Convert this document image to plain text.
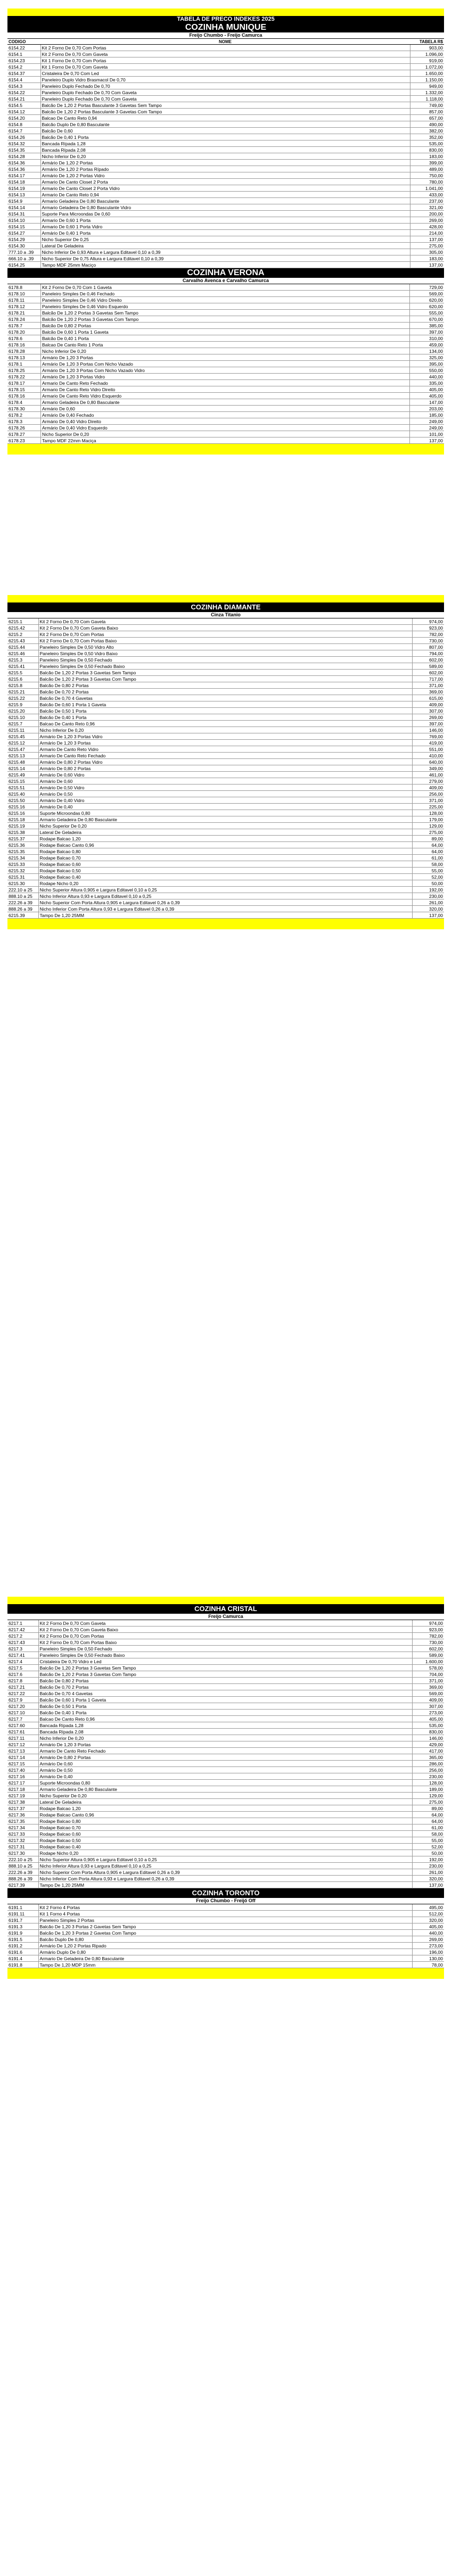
TABELA DE PRECO INDEKES 2025
COZINHA MUNIQUE
Freijo Chumbo - Freijo Camurca
CODIGO	NOME	TABELA R$
6154.22	Kit 2 Forno De 0,70 Com Portas	903,00
6154.1	Kit 2 Forno De 0,70 Com Gaveta	1.096,00
6154.23	Kit 1 Forno De 0,70 Com Portas	919,00
6154.2	Kit 1 Forno De 0,70 Com Gaveta	1.072,00
6154.37	Cristaleira De 0,70 Com Led	1.650,00
6154.4	Paneleiro Duplo Vidro Brasmacol De 0,70	1.150,00
6154.3	Paneleiro Duplo Fechado De 0,70	949,00
6154.22	Paneleiro Duplo Fechado De 0,70 Com Gaveta	1.332,00
6154.21	Paneleiro Duplo Fechado De 0,70 Com Gaveta	1.118,00
6154.5	Balcão De 1,20 2 Portas Basculante 3 Gavetas Sem Tampo	749,00
6154.12	Balcão De 1,20 2 Portas Basculante 3 Gavetas Com Tampo	857,00
6154.20	Balcao De Canto Reto 0,94	657,00
6154.8	Balcão Duplo De 0,80 Basculante	490,00
6154.7	Balcão De 0,60	382,00
6154.26	Balcão De 0,40 1 Porta	352,00
6154.32	Bancada Rípada 1,28	535,00
6154.35	Bancada Rípada 2,08	830,00
6154.28	Nicho Inferior De 0,20	183,00
6154.36	Armário De 1,20 2 Portas	399,00
6154.36	Armário De 1,20 2 Portas Rípado	489,00
6154.17	Armário De 1,20 2 Portas Vidro	750,00
6154.18	Armario De Canto Closet 2 Porta	780,00
6154.19	Armario De Canto Closet 2 Porta Vidro	1.041,00
6154.13	Armario De Canto Reto 0,94	433,00
6154.9	Armario Geladeira De 0,80 Basculante	237,00
6154.14	Armario Geladeira De 0,80 Basculante Vidro	321,00
6154.31	Suporte Para Microondas De 0,60	200,00
6154.10	Armario De 0,60 1 Porta	269,00
6154.15	Armario De 0,60 1 Porta Vidro	428,00
6154.27	Armário De 0,40 1 Porta	214,00
6154.29	Nicho Superior De 0,25	137,00
6154.30	Lateral De Geladeira	275,00
777.10 a .39	Nicho Inferior De 0,93 Altura e Largura Editavel 0,10 a 0,39	305,00
666.10 a .39	Nicho Superior De 0,75 Altura e Largura Editavel 0,10 a 0,39	183,00
6154.25	Tampo MDF 25mm Maciço	137,00
COZINHA VERONA
Carvalho Avenca e Carvalho Camurca
6178.8	Kit 2 Forno De 0,70 Com 1 Gaveta	729,00
6178.10	Paneleiro Simples De 0,46 Fechado	569,00
6178.11	Paneleiro Simples De 0,46 Vidro Direito	620,00
6178.12	Paneleiro Simples De 0,46 Vidro Esquerdo	620,00
6178.21	Balcão De 1,20 2 Portas 3 Gavetas Sem Tampo	555,00
6178.24	Balcão De 1,20 2 Portas 3 Gavetas Com Tampo	670,00
6178.7	Balcão De 0,80 2 Portas	385,00
6178.20	Balcão De 0,60 1 Porta 1 Gaveta	397,00
6178.6	Balcão De 0,40 1 Porta	310,00
6178.16	Balcao De Canto Reto 1 Porta	459,00
6178.28	Nicho Inferior De 0,20	134,00
6178.13	Armário De 1,20 3 Portas	325,00
6178.1	Armário De 1,20 3 Portas Com Nicho Vazado	395,00
6178.25	Armário De 1,20 3 Portas Com Nicho Vazado Vidro	550,00
6178.22	Armário De 1,20 3 Portas Vidro	440,00
6178.17	Armario De Canto Reto Fechado	335,00
6178.15	Armario De Canto Reto Vidro Direito	405,00
6178.16	Armario De Canto Reto Vidro Esquerdo	405,00
6178.4	Armario Geladeira De 0,80 Basculante	147,00
6178.30	Armário De 0,60	203,00
6178.2	Armário De 0,40 Fechado	185,00
6178.3	Armário De 0,40 Vidro Direito	249,00
6178.26	Armário De 0,40 Vidro Esquerdo	249,00
6178.27	Nicho Superior De 0,20	101,00
6178.23	Tampo MDF 22mm Maciça	137,00
COZINHA DIAMANTE
Cinza Titanio
6215.1	Kit 2 Forno De 0,70 Com Gaveta	974,00
6215.42	Kit 2 Forno De 0,70 Com Gaveta Baixo	923,00
6215.2	Kit 2 Forno De 0,70 Com Portas	782,00
6215.43	Kit 2 Forno De 0,70 Com Portas Baixo	730,00
6215.44	Paneleiro Simples De 0,50 Vidro Alto	807,00
6215.46	Paneleiro Simples De 0,50 Vidro Baixo	794,00
6215.3	Paneleiro Simples De 0,50 Fechado	602,00
6215.41	Paneleiro Simples De 0,50 Fechado Baixo	589,00
6215.5	Balcão De 1,20 2 Portas 3 Gavetas Sem Tampo	602,00
6215.6	Balcão De 1,20 2 Portas 3 Gavetas Com Tampo	717,00
6215.8	Balcão De 0,80 2 Portas	371,00
6215.21	Balcão De 0,70 2 Portas	369,00
6215.22	Balcão De 0,70 4 Gavetas	615,00
6215.9	Balcão De 0,60 1 Porta 1 Gaveta	409,00
6215.20	Balcão De 0,50 1 Porta	307,00
6215.10	Balcão De 0,40 1 Porta	269,00
6215.7	Balcao De Canto Reto 0,96	397,00
6215.11	Nicho Inferior De 0,20	146,00
6215.45	Armário De 1,20 3 Portas Vidro	769,00
6215.12	Armário De 1,20 3 Portas	419,00
6215.47	Armario De Canto Reto Vidro	551,00
6215.13	Armario De Canto Reto Fechado	410,00
6215.48	Armário De 0,80 2 Portas Vidro	640,00
6215.14	Armário De 0,80 2 Portas	349,00
6215.49	Armário De 0,60 Vidro	461,00
6215.15	Armário De 0,60	279,00
6215.51	Armário De 0,50 Vidro	409,00
6215.40	Armário De 0,50	256,00
6215.50	Armário De 0,40 Vidro	371,00
6215.16	Armário De 0,40	225,00
6215.16	Suporte Microondas 0,80	128,00
6215.18	Armario Geladeira De 0,80 Basculante	179,00
6215.19	Nicho Superior De 0,20	129,00
6215.38	Lateral De Geladeira	275,00
6215.37	Rodape Balcao 1,20	89,00
6215.36	Rodape Balcao Canto 0,96	64,00
6215.35	Rodape Balcao 0,80	64,00
6215.34	Rodape Balcao 0,70	61,00
6215.33	Rodape Balcao 0,60	58,00
6215.32	Rodape Balcao 0,50	55,00
6215.31	Rodape Balcao 0,40	52,00
6215.30	Rodape Nicho 0,20	50,00
222.10 a 25	Nicho Superior Altura 0,905 e Largura Editavel 0,10 a 0,25	192,00
888.10 a 25	Nicho Inferior Altura 0,93 e Largura Editavel 0,10 a 0,25	230,00
222.26 a 39	Nicho Superior Com Porta Altura 0,905 e Largura Editavel 0,26 a 0,39	261,00
888.26 a 39	Nicho Inferior Com Porta Altura 0,93 e Largura Editavel 0,26 a 0,39	320,00
6215.39	Tampo De 1,20 25MM	137,00
COZINHA CRISTAL
Freijo Camurca
6217.1	Kit 2 Forno De 0,70 Com Gaveta	974,00
6217.42	Kit 2 Forno De 0,70 Com Gaveta Baixo	923,00
6217.2	Kit 2 Forno De 0,70 Com Portas	782,00
6217.43	Kit 2 Forno De 0,70 Com Portas Baixo	730,00
6217.3	Paneleiro Simples De 0,50 Fechado	602,00
6217.41	Paneleiro Simples De 0,50 Fechado Baixo	589,00
6217.4	Cristaleira De 0,70 Vidro e Led	1.600,00
6217.5	Balcão De 1,20 2 Portas 3 Gavetas Sem Tampo	578,00
6217.6	Balcão De 1,20 2 Portas 3 Gavetas Com Tampo	704,00
6217.8	Balcão De 0,80 2 Portas	371,00
6217.21	Balcão De 0,70 2 Portas	369,00
6217.22	Balcão De 0,70 4 Gavetas	569,00
6217.9	Balcão De 0,60 1 Porta 1 Gaveta	409,00
6217.20	Balcão De 0,50 1 Porta	307,00
6217.10	Balcão De 0,40 1 Porta	273,00
6217.7	Balcao De Canto Reto 0,96	405,00
6217.60	Bancada Rípada 1,28	535,00
6217.61	Bancada Rípada 2,08	830,00
6217.11	Nicho Inferior De 0,20	146,00
6217.12	Armário De 1,20 3 Portas	429,00
6217.13	Armario De Canto Reto Fechado	417,00
6217.14	Armário De 0,80 2 Portas	365,00
6217.15	Armário De 0,60	286,00
6217.40	Armário De 0,50	256,00
6217.16	Armário De 0,40	230,00
6217.17	Suporte Microondas 0,80	128,00
6217.18	Armario Geladeira De 0,80 Basculante	189,00
6217.19	Nicho Superior De 0,20	129,00
6217.38	Lateral De Geladeira	275,00
6217.37	Rodape Balcao 1,20	89,00
6217.36	Rodape Balcao Canto 0,96	64,00
6217.35	Rodape Balcao 0,80	64,00
6217.34	Rodape Balcao 0,70	61,00
6217.33	Rodape Balcao 0,60	58,00
6217.32	Rodape Balcao 0,50	55,00
6217.31	Rodape Balcao 0,40	52,00
6217.30	Rodape Nicho 0,20	50,00
222.10 a 25	Nicho Superior Altura 0,905 e Largura Editavel 0,10 a 0,25	192,00
888.10 a 25	Nicho Inferior Altura 0,93 e Largura Editavel 0,10 a 0,25	230,00
222.26 a 39	Nicho Superior Com Porta Altura 0,905 e Largura Editavel 0,26 a 0,39	261,00
888.26 a 39	Nicho Inferior Com Porta Altura 0,93 e Largura Editavel 0,26 a 0,39	320,00
6217.39	Tampo De 1,20 25MM	137,00
COZINHA TORONTO
Freijo Chumbo - Freijó Off
6191.1	Kit 2 Forno 4 Portas	495,00
6191.11	Kit 1 Forno 4 Portas	512,00
6191.7	Paneleiro Simples 2 Portas	320,00
6191.3	Balcão De 1,20 3 Portas 2 Gavetas Sem Tampo	405,00
6191.9	Balcão De 1,20 3 Portas 2 Gavetas Com Tampo	440,00
6191.5	Balcão Duplo De 0,80	269,00
6191.2	Armário De 1,20 2 Portas Ripado	273,00
6191.6	Armário Duplo De 0,80	196,00
6191.4	Armario De Geladeira De 0,80 Basculante	130,00
6191.8	Tampo De 1,20 MDP 15mm	78,00
